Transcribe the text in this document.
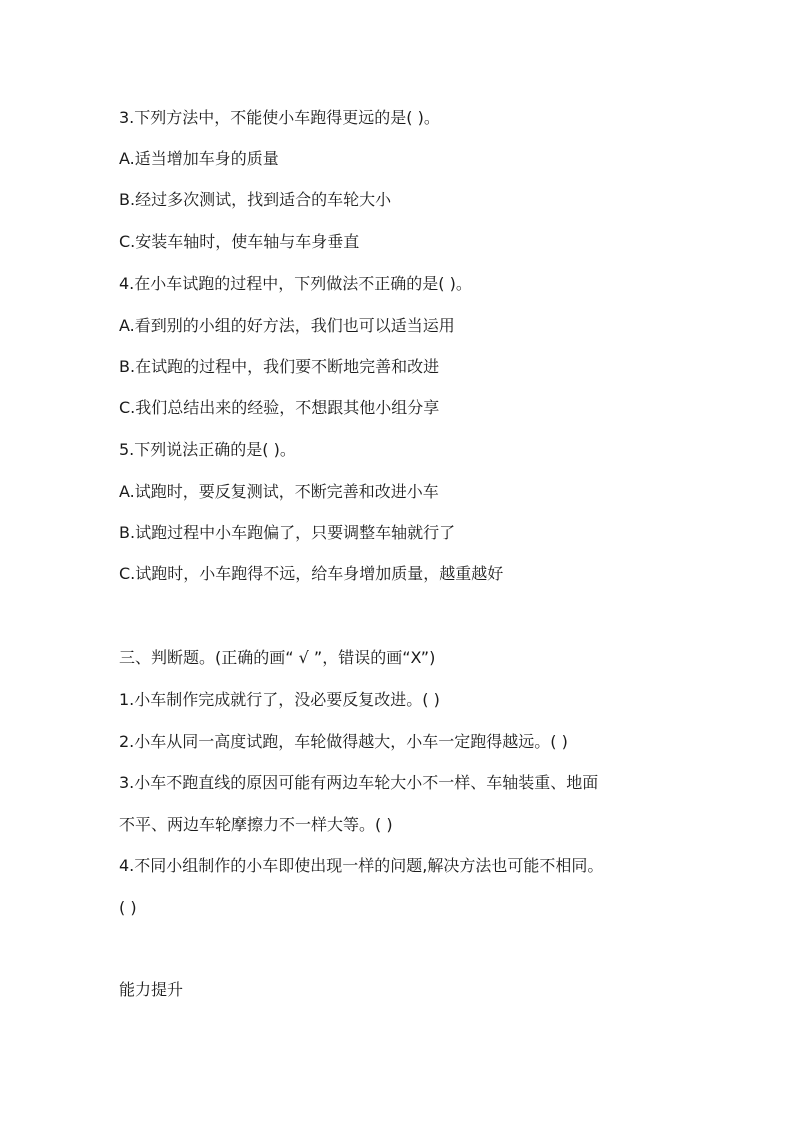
3.下列方法中，不能使小车跑得更远的是( )。
A.适当增加车身的质量
B.经过多次测试，找到适合的车轮大小
C.安装车轴时，使车轴与车身垂直
4.在小车试跑的过程中，下列做法不正确的是( )。
A.看到别的小组的好方法，我们也可以适当运用
B.在试跑的过程中，我们要不断地完善和改进
C.我们总结出来的经验，不想跟其他小组分享
5.下列说法正确的是( )。
A.试跑时，要反复测试，不断完善和改进小车
B.试跑过程中小车跑偏了，只要调整车轴就行了
C.试跑时，小车跑得不远，给车身增加质量，越重越好
三、判断题。(正确的画“ √ ”，错误的画“X”)
1.小车制作完成就行了，没必要反复改进。( )
2.小车从同一高度试跑，车轮做得越大，小车一定跑得越远。( )
3.小车不跑直线的原因可能有两边车轮大小不一样、车轴装重、地面
不平、两边车轮摩擦力不一样大等。( )
4.不同小组制作的小车即使出现一样的问题,解决方法也可能不相同。
( )
能力提升
